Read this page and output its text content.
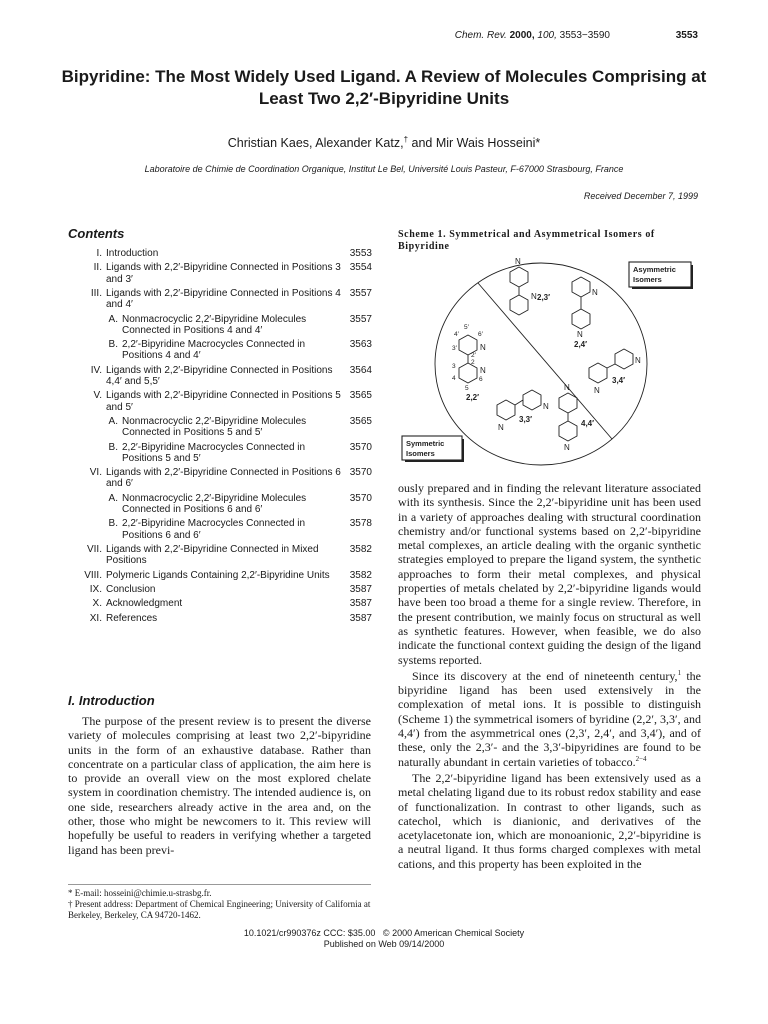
Chem. Rev. 2000, 100, 3553−3590	3553
Bipyridine: The Most Widely Used Ligand. A Review of Molecules Comprising at Least Two 2,2′-Bipyridine Units
Christian Kaes, Alexander Katz,† and Mir Wais Hosseini*
Laboratoire de Chimie de Coordination Organique, Institut Le Bel, Université Louis Pasteur, F-67000 Strasbourg, France
Received December 7, 1999
Contents
I. Introduction	3553
II. Ligands with 2,2′-Bipyridine Connected in Positions 3 and 3′
3554
III. Ligands with 2,2′-Bipyridine Connected in Positions 4 and 4′
3557
A. Nonmacrocyclic 2,2′-Bipyridine Molecules Connected in Positions 4 and 4′
3557
B. 2,2′-Bipyridine Macrocycles Connected in Positions 4 and 4′
3563
IV. Ligands with 2,2′-Bipyridine Connected in Positions 4,4′ and 5,5′
3564
V. Ligands with 2,2′-Bipyridine Connected in Positions 5 and 5′
3565
A. Nonmacrocyclic 2,2′-Bipyridine Molecules Connected in Positions 5 and 5′
3565
B. 2,2′-Bipyridine Macrocycles Connected in Positions 5 and 5′
3570
VI. Ligands with 2,2′-Bipyridine Connected in Positions 6 and 6′
3570
A. Nonmacrocyclic 2,2′-Bipyridine Molecules Connected in Positions 6 and 6′
3570
B. 2,2′-Bipyridine Macrocycles Connected in Positions 6 and 6′
3578
VII. Ligands with 2,2′-Bipyridine Connected in Mixed Positions
3582
VIII. Polymeric Ligands Containing 2,2′-Bipyridine Units	3582
IX. Conclusion	3587
X. Acknowledgment	3587
XI. References	3587
I. Introduction

The purpose of the present review is to present the diverse variety of molecules comprising at least two 2,2′-bipyridine units in the form of an exhaustive database. Rather than concentrate on a particular class of application, the aim here is to provide an overall view on the most explored chelate system in coordination chemistry. The intended audience is, on one side, researchers already active in the area and, on the other, those who might be newcomers to it. This review will hopefully be useful to readers in verifying whether a targeted ligand has been previ-

* E-mail: hosseini@chimie.u-strasbg.fr.
† Present address: Department of Chemical Engineering; University of California at Berkeley, Berkeley, CA 94720-1462.
Scheme 1. Symmetrical and Asymmetrical Isomers of Bipyridine
N
N 2,3′
N
N
2,4′
N
N
3,4′
4′
5′
6′
3′
2′
2
3
4
5
6
N
N
2,2′
N
N
3,3′
N
N
4,4′
Asymmetric
Isomers
Symmetric
Isomers

ously prepared and in finding the relevant literature associated with its synthesis. Since the 2,2′-bipyridine unit has been used in a variety of approaches dealing with structural coordination chemistry and/or functional systems based on 2,2′-bipyridine metal complexes, an article dealing with the organic synthetic strategies employed to prepare the ligand system, the synthetic approaches to form their metal complexes, and physical properties of metals chelated by 2,2′-bipyridine ligands would have been too broad a theme for a single review. Therefore, in the present contribution, we mainly focus on structural as well as synthetic features. However, when feasible, we do also indicate the functional context guiding the design of the ligand systems reported.

Since its discovery at the end of nineteenth century,$^1$ the bipyridine ligand has been used extensively in the complexation of metal ions. It is possible to distinguish (Scheme 1) the symmetrical isomers of byridine (2,2′, 3,3′, and 4,4′) from the asymmetrical ones (2,3′, 2,4′, and 3,4′), and of these, only the 2,3′- and the 3,3′-bipyridines are found to be naturally abundant in certain varieties of tobacco.$^{2-4}$

The 2,2′-bipyridine ligand has been extensively used as a metal chelating ligand due to its robust redox stability and ease of functionalization. In contrast to other ligands, such as catechol, which is dianionic, and derivatives of the acetylacetonate ion, which are monoanionic, 2,2′-bipyridine is a neutral ligand. It thus forms charged complexes with metal cations, and this property has been exploited in the

10.1021/cr990376z CCC: $35.00   © 2000 American Chemical Society
Published on Web 09/14/2000
